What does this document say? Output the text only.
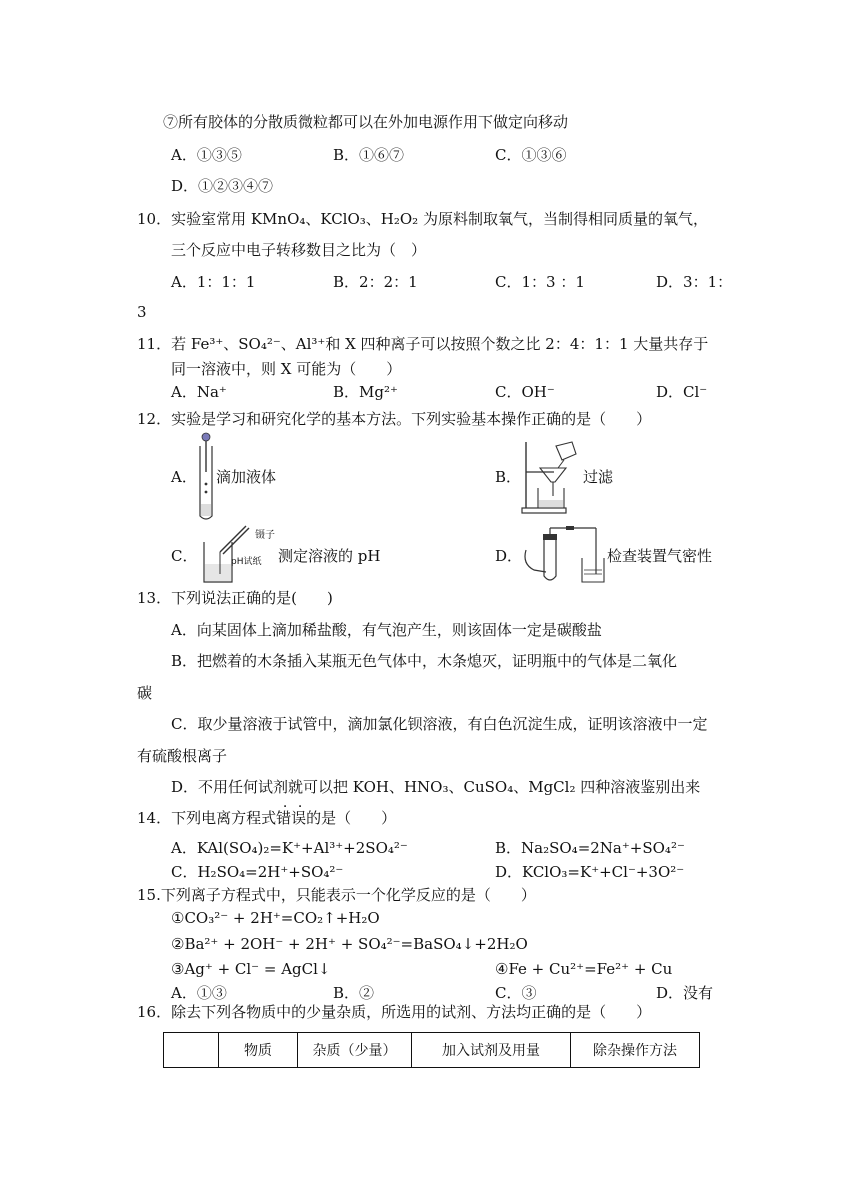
⑦所有胶体的分散质微粒都可以在外加电源作用下做定向移动
A．①③⑤	B．①⑥⑦	C．①③⑥
D．①②③④⑦
10．实验室常用 KMnO₄、KClO₃、H₂O₂ 为原料制取氧气，当制得相同质量的氧气，
三个反应中电子转移数目之比为（　）
A．1：1：1	B．2：2：1	C．1：3 ：1	D．3：1：
3
11．若 Fe³⁺、SO₄²⁻、Al³⁺和 X 四种离子可以按照个数之比 2：4：1：1 大量共存于
同一溶液中，则 X 可能为（　　）
A．Na⁺	B．Mg²⁺	C．OH⁻	D．Cl⁻
12．实验是学习和研究化学的基本方法。下列实验基本操作正确的是（　　）
A． 滴加液体	B．	过滤
C．
镊子
pH试纸 测定溶液的 pH	D．	检查装置气密性
13．下列说法正确的是(　　)
A．向某固体上滴加稀盐酸，有气泡产生，则该固体一定是碳酸盐
B．把燃着的木条插入某瓶无色气体中，木条熄灭，证明瓶中的气体是二氧化
碳
C．取少量溶液于试管中，滴加氯化钡溶液，有白色沉淀生成，证明该溶液中一定
有硫酸根离子
D．不用任何试剂就可以把 KOH、HNO₃、CuSO₄、MgCl₂ 四种溶液鉴别出来
14．下列电离方程式错误的是（　　）
A．KAl(SO₄)₂=K⁺+Al³⁺+2SO₄²⁻	B．Na₂SO₄=2Na⁺+SO₄²⁻
C．H₂SO₄=2H⁺+SO₄²⁻	D．KClO₃=K⁺+Cl⁻+3O²⁻
15.下列离子方程式中，只能表示一个化学反应的是（　　）
①CO₃²⁻ + 2H⁺=CO₂↑+H₂O
②Ba²⁺ + 2OH⁻ + 2H⁺ + SO₄²⁻=BaSO₄↓+2H₂O
③Ag⁺ + Cl⁻ = AgCl↓	④Fe + Cu²⁺=Fe²⁺ + Cu
A．①③	B．②	C．③	D．没有
16．除去下列各物质中的少量杂质，所选用的试剂、方法均正确的是（　　）
	物质	杂质（少量）	加入试剂及用量	除杂操作方法
